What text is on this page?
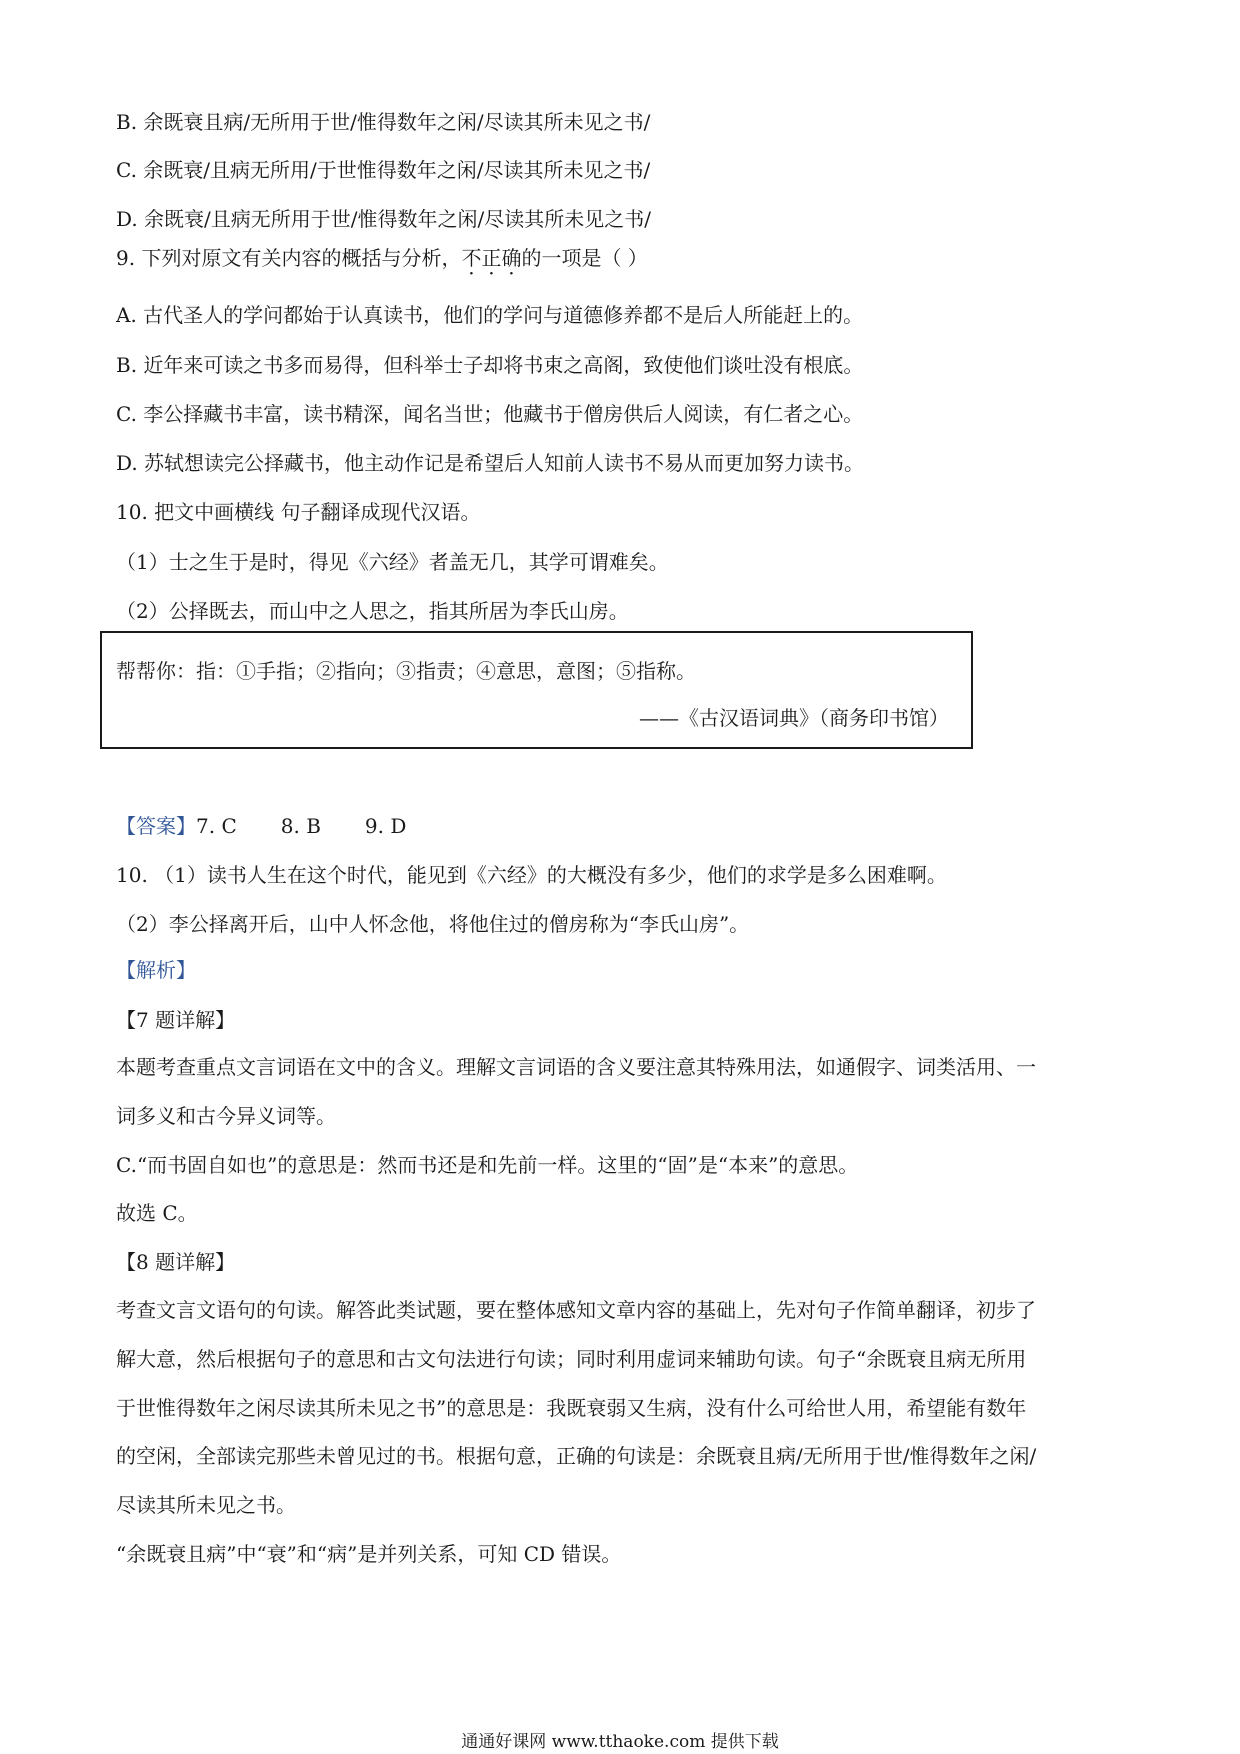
B. 余既衰且病/无所用于世/惟得数年之闲/尽读其所未见之书/
C. 余既衰/且病无所用/于世惟得数年之闲/尽读其所未见之书/
D. 余既衰/且病无所用于世/惟得数年之闲/尽读其所未见之书/
9. 下列对原文有关内容的概括与分析，不正确的一项是（ ）
A. 古代圣人的学问都始于认真读书，他们的学问与道德修养都不是后人所能赶上的。
B. 近年来可读之书多而易得，但科举士子却将书束之高阁，致使他们谈吐没有根底。
C. 李公择藏书丰富，读书精深，闻名当世；他藏书于僧房供后人阅读，有仁者之心。
D. 苏轼想读完公择藏书，他主动作记是希望后人知前人读书不易从而更加努力读书。
10. 把文中画横线 句子翻译成现代汉语。
（1）士之生于是时，得见《六经》者盖无几，其学可谓难矣。
（2）公择既去，而山中之人思之，指其所居为李氏山房。
帮帮你：指：①手指；②指向；③指责；④意思，意图；⑤指称。
——《古汉语词典》（商务印书馆）
【答案】7. C 8. B 9. D
10. （1）读书人生在这个时代，能见到《六经》的大概没有多少，他们的求学是多么困难啊。
（2）李公择离开后，山中人怀念他，将他住过的僧房称为“李氏山房”。
【解析】
【7 题详解】
本题考查重点文言词语在文中的含义。理解文言词语的含义要注意其特殊用法，如通假字、词类活用、一
词多义和古今异义词等。
C.“而书固自如也”的意思是：然而书还是和先前一样。这里的“固”是“本来”的意思。
故选 C。
【8 题详解】
考查文言文语句的句读。解答此类试题，要在整体感知文章内容的基础上，先对句子作简单翻译，初步了
解大意，然后根据句子的意思和古文句法进行句读；同时利用虚词来辅助句读。句子“余既衰且病无所用
于世惟得数年之闲尽读其所未见之书”的意思是：我既衰弱又生病，没有什么可给世人用，希望能有数年
的空闲，全部读完那些未曾见过的书。根据句意，正确的句读是：余既衰且病/无所用于世/惟得数年之闲/
尽读其所未见之书。
“余既衰且病”中“衰”和“病”是并列关系，可知 CD 错误。
通通好课网 www.tthaoke.com 提供下载
